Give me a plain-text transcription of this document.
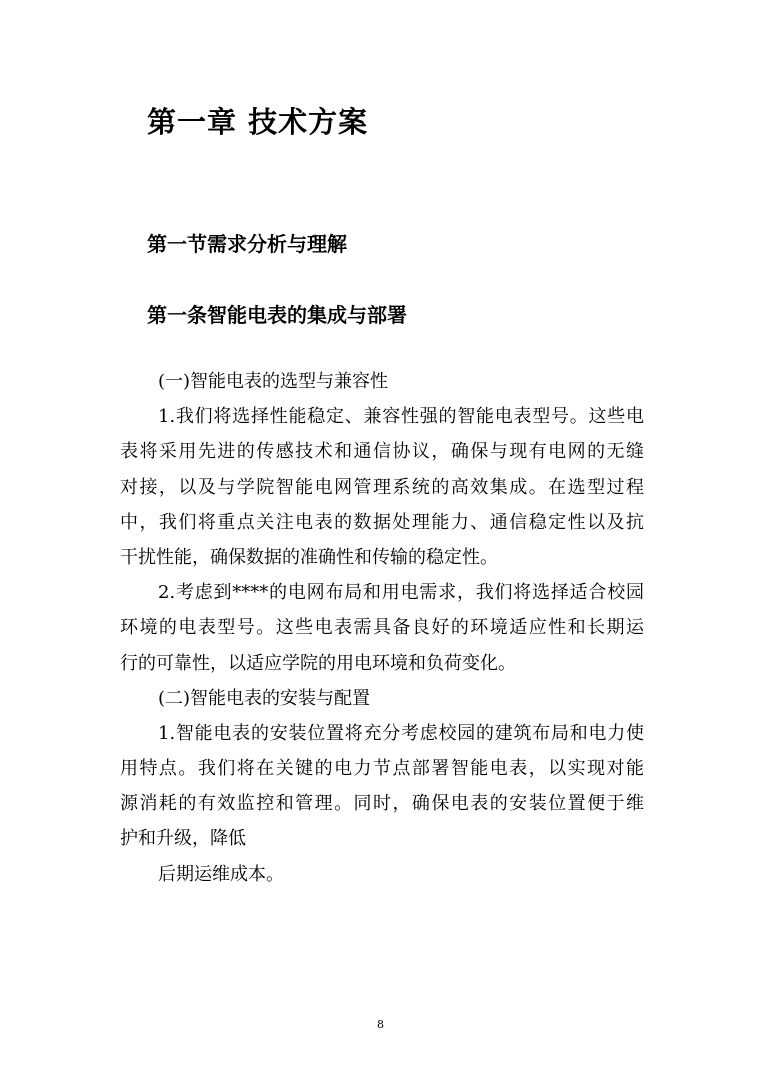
第一章 技术方案
第一节需求分析与理解
第一条智能电表的集成与部署
(一)智能电表的选型与兼容性
1.我们将选择性能稳定、兼容性强的智能电表型号。这些电
表将采用先进的传感技术和通信协议，确保与现有电网的无缝
对接，以及与学院智能电网管理系统的高效集成。在选型过程
中，我们将重点关注电表的数据处理能力、通信稳定性以及抗
干扰性能，确保数据的准确性和传输的稳定性。
2.考虑到****的电网布局和用电需求，我们将选择适合校园
环境的电表型号。这些电表需具备良好的环境适应性和长期运
行的可靠性，以适应学院的用电环境和负荷变化。
(二)智能电表的安装与配置
1.智能电表的安装位置将充分考虑校园的建筑布局和电力使
用特点。我们将在关键的电力节点部署智能电表，以实现对能
源消耗的有效监控和管理。同时，确保电表的安装位置便于维
护和升级，降低
后期运维成本。
8
